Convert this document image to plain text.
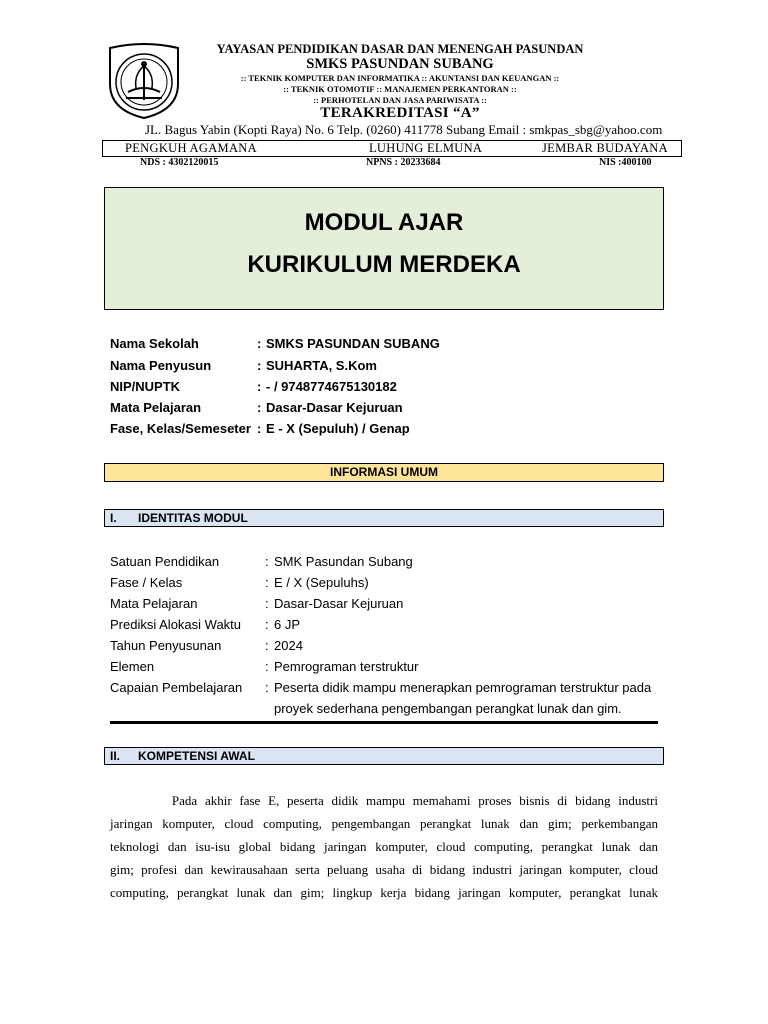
YAYASAN PENDIDIKAN DASAR DAN MENENGAH PASUNDAN
SMKS PASUNDAN SUBANG
:: TEKNIK KOMPUTER DAN INFORMATIKA :: AKUNTANSI DAN KEUANGAN ::
:: TEKNIK OTOMOTIF :: MANAJEMEN PERKANTORAN ::
:: PERHOTELAN DAN JASA PARIWISATA ::
TERAKREDITASI “A”
JL. Bagus Yabin (Kopti Raya) No. 6 Telp. (0260) 411778 Subang Email : smkpas_sbg@yahoo.com
PENGKUH AGAMANA	LUHUNG ELMUNA	JEMBAR BUDAYANA
NDS : 4302120015	NPNS : 20233684	NIS :400100
MODUL AJAR
KURIKULUM MERDEKA
Nama Sekolah	: SMKS PASUNDAN SUBANG
Nama Penyusun	: SUHARTA, S.Kom
NIP/NUPTK	: - / 9748774675130182
Mata Pelajaran	: Dasar-Dasar Kejuruan
Fase, Kelas/Semeseter : E - X (Sepuluh) / Genap
INFORMASI UMUM
I. IDENTITAS MODUL
Satuan Pendidikan	: SMK Pasundan Subang
Fase / Kelas	: E / X (Sepuluhs)
Mata Pelajaran	: Dasar-Dasar Kejuruan
Prediksi Alokasi Waktu : 6 JP
Tahun Penyusunan	: 2024
Elemen	: Pemrograman terstruktur
Capaian Pembelajaran : Peserta didik mampu menerapkan pemrograman terstruktur pada proyek sederhana pengembangan perangkat lunak dan gim.
II. KOMPETENSI AWAL
Pada akhir fase E, peserta didik mampu memahami proses bisnis di bidang industri
jaringan komputer, cloud computing, pengembangan perangkat lunak dan gim; perkembangan
teknologi dan isu-isu global bidang jaringan komputer, cloud computing, perangkat lunak dan
gim; profesi dan kewirausahaan serta peluang usaha di bidang industri jaringan komputer, cloud
computing, perangkat lunak dan gim; lingkup kerja bidang jaringan komputer, perangkat lunak
